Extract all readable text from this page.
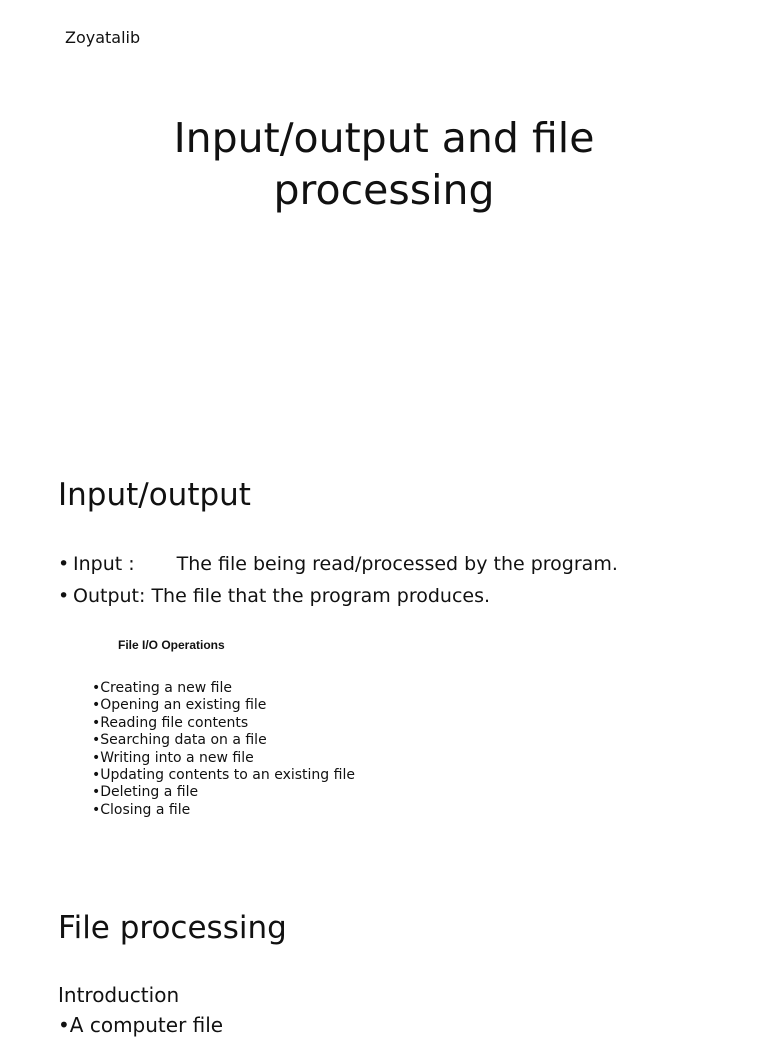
Zoyatalib
Input/output and file
processing
Input/output
• Input : The file being read/processed by the program.
• Output: The file that the program produces.
File I/O Operations
•Creating a new file
•Opening an existing file
•Reading file contents
•Searching data on a file
•Writing into a new file
•Updating contents to an existing file
•Deleting a file
•Closing a file
File processing
Introduction
•A computer file
